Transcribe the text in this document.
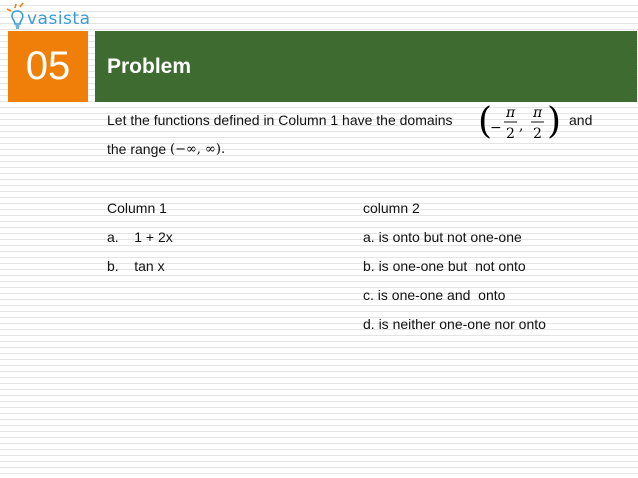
vasista
05	Problem
Let the functions defined in Column 1 have the domains (
−
π
2 ,
π
2 ) and
the range (−∞, ∞).
Column 1	column 2
a.    1 + 2x
b.    tan x
a. is onto but not one-one
b. is one-one but  not onto
c. is one-one and  onto
d. is neither one-one nor onto
